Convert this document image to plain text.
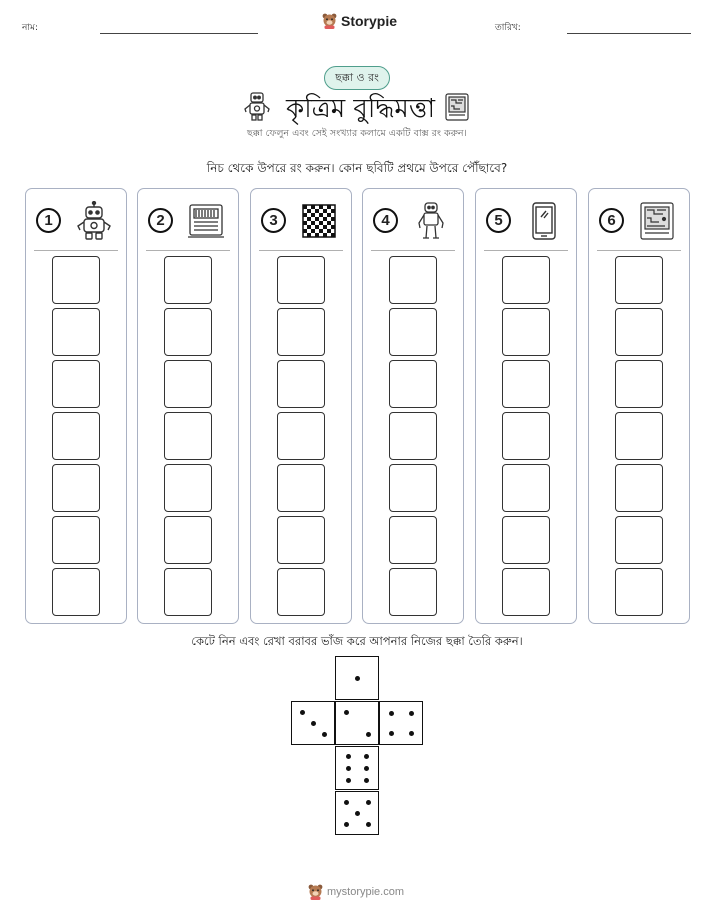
নাম:	Storypie	তারিখ:
ছক্কা ও রং
কৃত্রিম বুদ্ধিমত্তা
ছক্কা ফেলুন এবং সেই সংখ্যার কলামে একটি বাক্স রং করুন।
নিচ থেকে উপরে রং করুন। কোন ছবিটি প্রথমে উপরে পৌঁছাবে?
1	2	3	4	5	6
কেটে নিন এবং রেখা বরাবর ভাঁজ করে আপনার নিজের ছক্কা তৈরি করুন।
mystorypie.com
